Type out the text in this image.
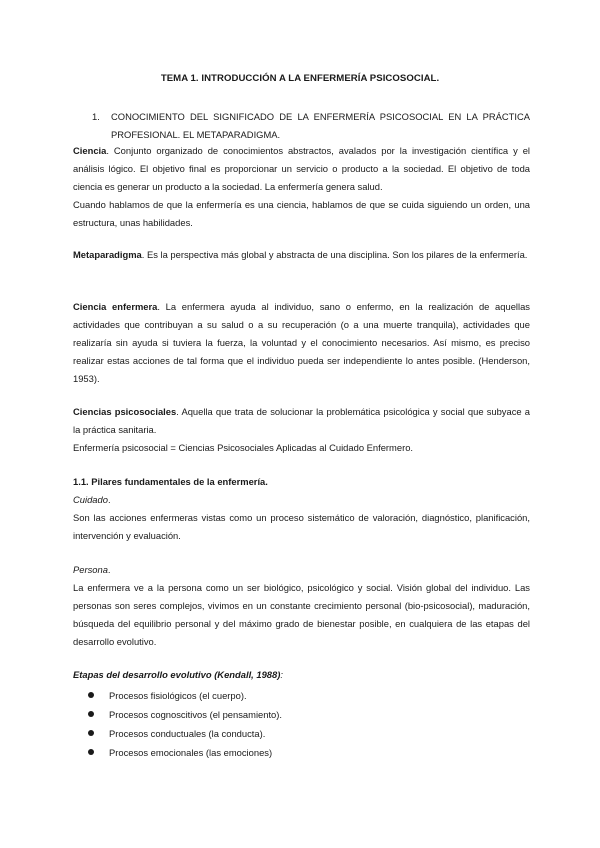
TEMA 1. INTRODUCCIÓN A LA ENFERMERÍA PSICOSOCIAL.
1. CONOCIMIENTO DEL SIGNIFICADO DE LA ENFERMERÍA PSICOSOCIAL EN LA PRÁCTICA PROFESIONAL. EL METAPARADIGMA.

Ciencia. Conjunto organizado de conocimientos abstractos, avalados por la investigación científica y el análisis lógico. El objetivo final es proporcionar un servicio o producto a la sociedad. El objetivo de toda ciencia es generar un producto a la sociedad. La enfermería genera salud.

Cuando hablamos de que la enfermería es una ciencia, hablamos de que se cuida siguiendo un orden, una estructura, unas habilidades.

Metaparadigma. Es la perspectiva más global y abstracta de una disciplina. Son los pilares de la enfermería.

Ciencia enfermera. La enfermera ayuda al individuo, sano o enfermo, en la realización de aquellas actividades que contribuyan a su salud o a su recuperación (o a una muerte tranquila), actividades que realizaría sin ayuda si tuviera la fuerza, la voluntad y el conocimiento necesarios. Así mismo, es preciso realizar estas acciones de tal forma que el individuo pueda ser independiente lo antes posible. (Henderson, 1953).

Ciencias psicosociales. Aquella que trata de solucionar la problemática psicológica y social que subyace a la práctica sanitaria.

Enfermería psicosocial = Ciencias Psicosociales Aplicadas al Cuidado Enfermero.

1.1. Pilares fundamentales de la enfermería.

Cuidado.

Son las acciones enfermeras vistas como un proceso sistemático de valoración, diagnóstico, planificación, intervención y evaluación.

Persona.

La enfermera ve a la persona como un ser biológico, psicológico y social. Visión global del individuo. Las personas son seres complejos, vivimos en un constante crecimiento personal (bio-psicosocial), maduración, búsqueda del equilibrio personal y del máximo grado de bienestar posible, en cualquiera de las etapas del desarrollo evolutivo.

Etapas del desarrollo evolutivo (Kendall, 1988):

Procesos fisiológicos (el cuerpo).
Procesos cognoscitivos (el pensamiento).
Procesos conductuales (la conducta).
Procesos emocionales (las emociones)
